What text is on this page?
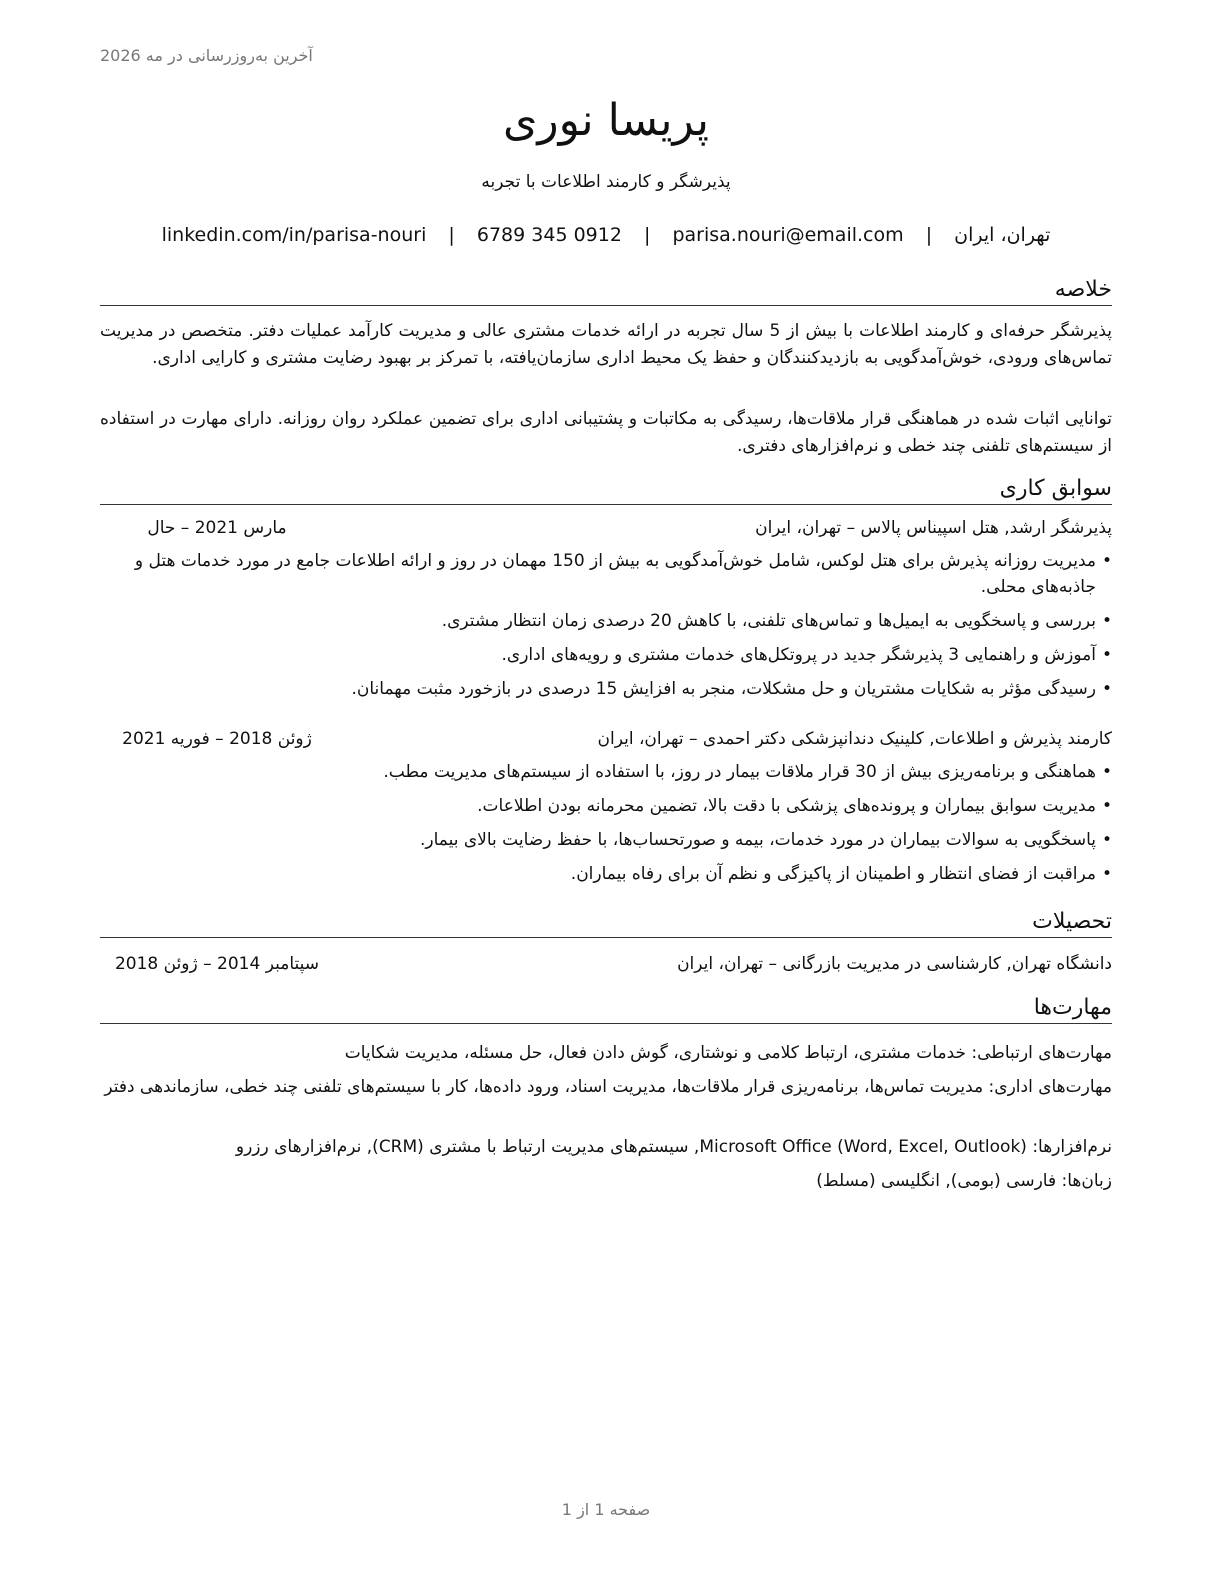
آخرین به‌روزرسانی در مه 2026
پریسا نوری
پذیرشگر و کارمند اطلاعات با تجربه
تهران، ایران | parisa.nouri@email.com | 0912 345 6789 | linkedin.com/in/parisa-nouri
خلاصه
پذیرشگر حرفه‌ای و کارمند اطلاعات با بیش از 5 سال تجربه در ارائه خدمات مشتری عالی و مدیریت کارآمد عملیات دفتر. متخصص در مدیریت تماس‌های ورودی، خوش‌آمدگویی به بازدیدکنندگان و حفظ یک محیط اداری سازمان‌یافته، با تمرکز بر بهبود رضایت مشتری و کارایی اداری.
توانایی اثبات شده در هماهنگی قرار ملاقات‌ها، رسیدگی به مکاتبات و پشتیبانی اداری برای تضمین عملکرد روان روزانه. دارای مهارت در استفاده از سیستم‌های تلفنی چند خطی و نرم‌افزارهای دفتری.
سوابق کاری
پذیرشگر ارشد, هتل اسپیناس پالاس – تهران، ایران
مارس 2021 – حال
• مدیریت روزانه پذیرش برای هتل لوکس، شامل خوش‌آمدگویی به بیش از 150 مهمان در روز و ارائه اطلاعات جامع در مورد خدمات هتل و جاذبه‌های محلی.
• بررسی و پاسخگویی به ایمیل‌ها و تماس‌های تلفنی، با کاهش 20 درصدی زمان انتظار مشتری.
• آموزش و راهنمایی 3 پذیرشگر جدید در پروتکل‌های خدمات مشتری و رویه‌های اداری.
• رسیدگی مؤثر به شکایات مشتریان و حل مشکلات، منجر به افزایش 15 درصدی در بازخورد مثبت مهمانان.
کارمند پذیرش و اطلاعات, کلینیک دندانپزشکی دکتر احمدی – تهران، ایران
ژوئن 2018 – فوریه 2021
• هماهنگی و برنامه‌ریزی بیش از 30 قرار ملاقات بیمار در روز، با استفاده از سیستم‌های مدیریت مطب.
• مدیریت سوابق بیماران و پرونده‌های پزشکی با دقت بالا، تضمین محرمانه بودن اطلاعات.
• پاسخگویی به سوالات بیماران در مورد خدمات، بیمه و صورتحساب‌ها، با حفظ رضایت بالای بیمار.
• مراقبت از فضای انتظار و اطمینان از پاکیزگی و نظم آن برای رفاه بیماران.
تحصیلات
دانشگاه تهران, کارشناسی در مدیریت بازرگانی – تهران، ایران
سپتامبر 2014 – ژوئن 2018
مهارت‌ها
مهارت‌های ارتباطی: خدمات مشتری، ارتباط کلامی و نوشتاری، گوش دادن فعال، حل مسئله، مدیریت شکایات
مهارت‌های اداری: مدیریت تماس‌ها، برنامه‌ریزی قرار ملاقات‌ها، مدیریت اسناد، ورود داده‌ها، کار با سیستم‌های تلفنی چند خطی، سازماندهی دفتر
نرم‌افزارها: Microsoft Office (Word, Excel, Outlook), سیستم‌های مدیریت ارتباط با مشتری (CRM), نرم‌افزارهای رزرو
زبان‌ها: فارسی (بومی), انگلیسی (مسلط)
صفحه 1 از 1
